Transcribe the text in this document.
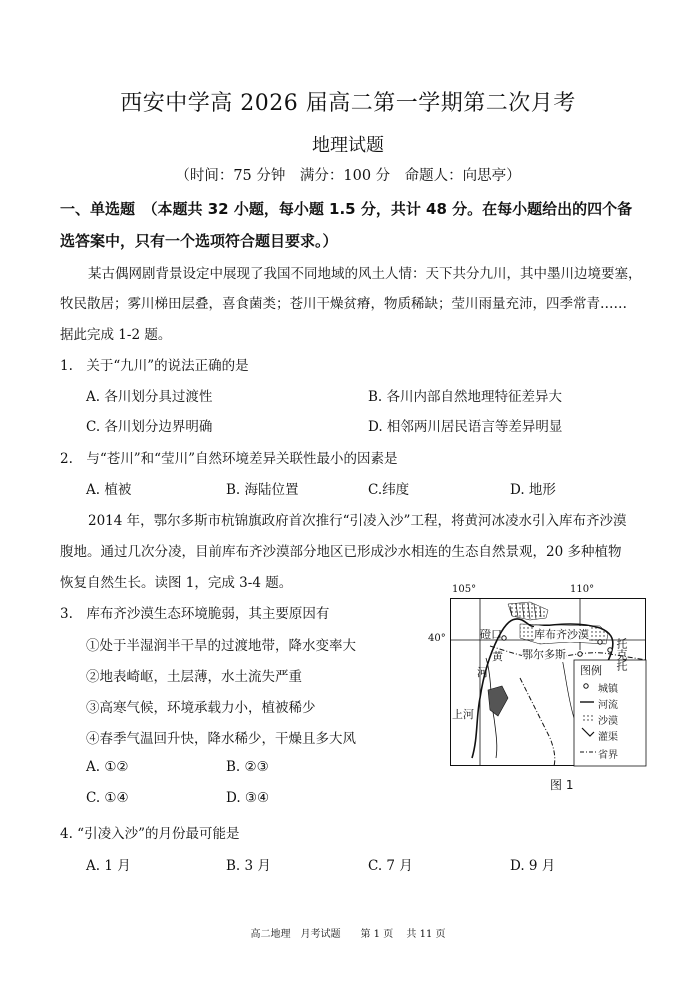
西安中学高 2026 届高二第一学期第二次月考
地理试题
（时间：75 分钟　满分：100 分　命题人：向思亭）
一、单选题　（本题共 32 小题，每小题 1.5 分，共计 48 分。在每小题给出的四个备
选答案中，只有一个选项符合题目要求。）
某古偶网剧背景设定中展现了我国不同地域的风土人情：天下共分九川，其中墨川边境要塞，
牧民散居；雾川梯田层叠，喜食菌类；苍川干燥贫瘠，物质稀缺；莹川雨量充沛，四季常青……
据此完成 1-2 题。
1.　关于“九川”的说法正确的是
A. 各川划分具过渡性	B. 各川内部自然地理特征差异大
C. 各川划分边界明确	D. 相邻两川居民语言等差异明显
2.　与“苍川”和“莹川”自然环境差异关联性最小的因素是
A. 植被	B. 海陆位置	C.纬度	D. 地形
2014 年，鄂尔多斯市杭锦旗政府首次推行“引凌入沙”工程，将黄河冰凌水引入库布齐沙漠
腹地。通过几次分凌，目前库布齐沙漠部分地区已形成沙水相连的生态自然景观，20 多种植物
恢复自然生长。读图 1，完成 3-4 题。
3.　库布齐沙漠生态环境脆弱，其主要原因有
①处于半湿润半干旱的过渡地带，降水变率大
②地表崎岖，土层薄，水土流失严重
③高寒气候，环境承载力小，植被稀少
④春季气温回升快，降水稀少，干燥且多大风
A. ①②	B. ②③
C. ①④	D. ③④
4. “引凌入沙”的月份最可能是
A. 1 月	B. 3 月	C. 7 月	D. 9 月
105°	110°
40°	磴口	库布齐沙漠
鄂尔多斯	托克托
黄
河
上河
图例
城镇
河流
沙漠
灌渠
省界
图 1
高二地理　月考试题　　第 1 页　 共 11 页
